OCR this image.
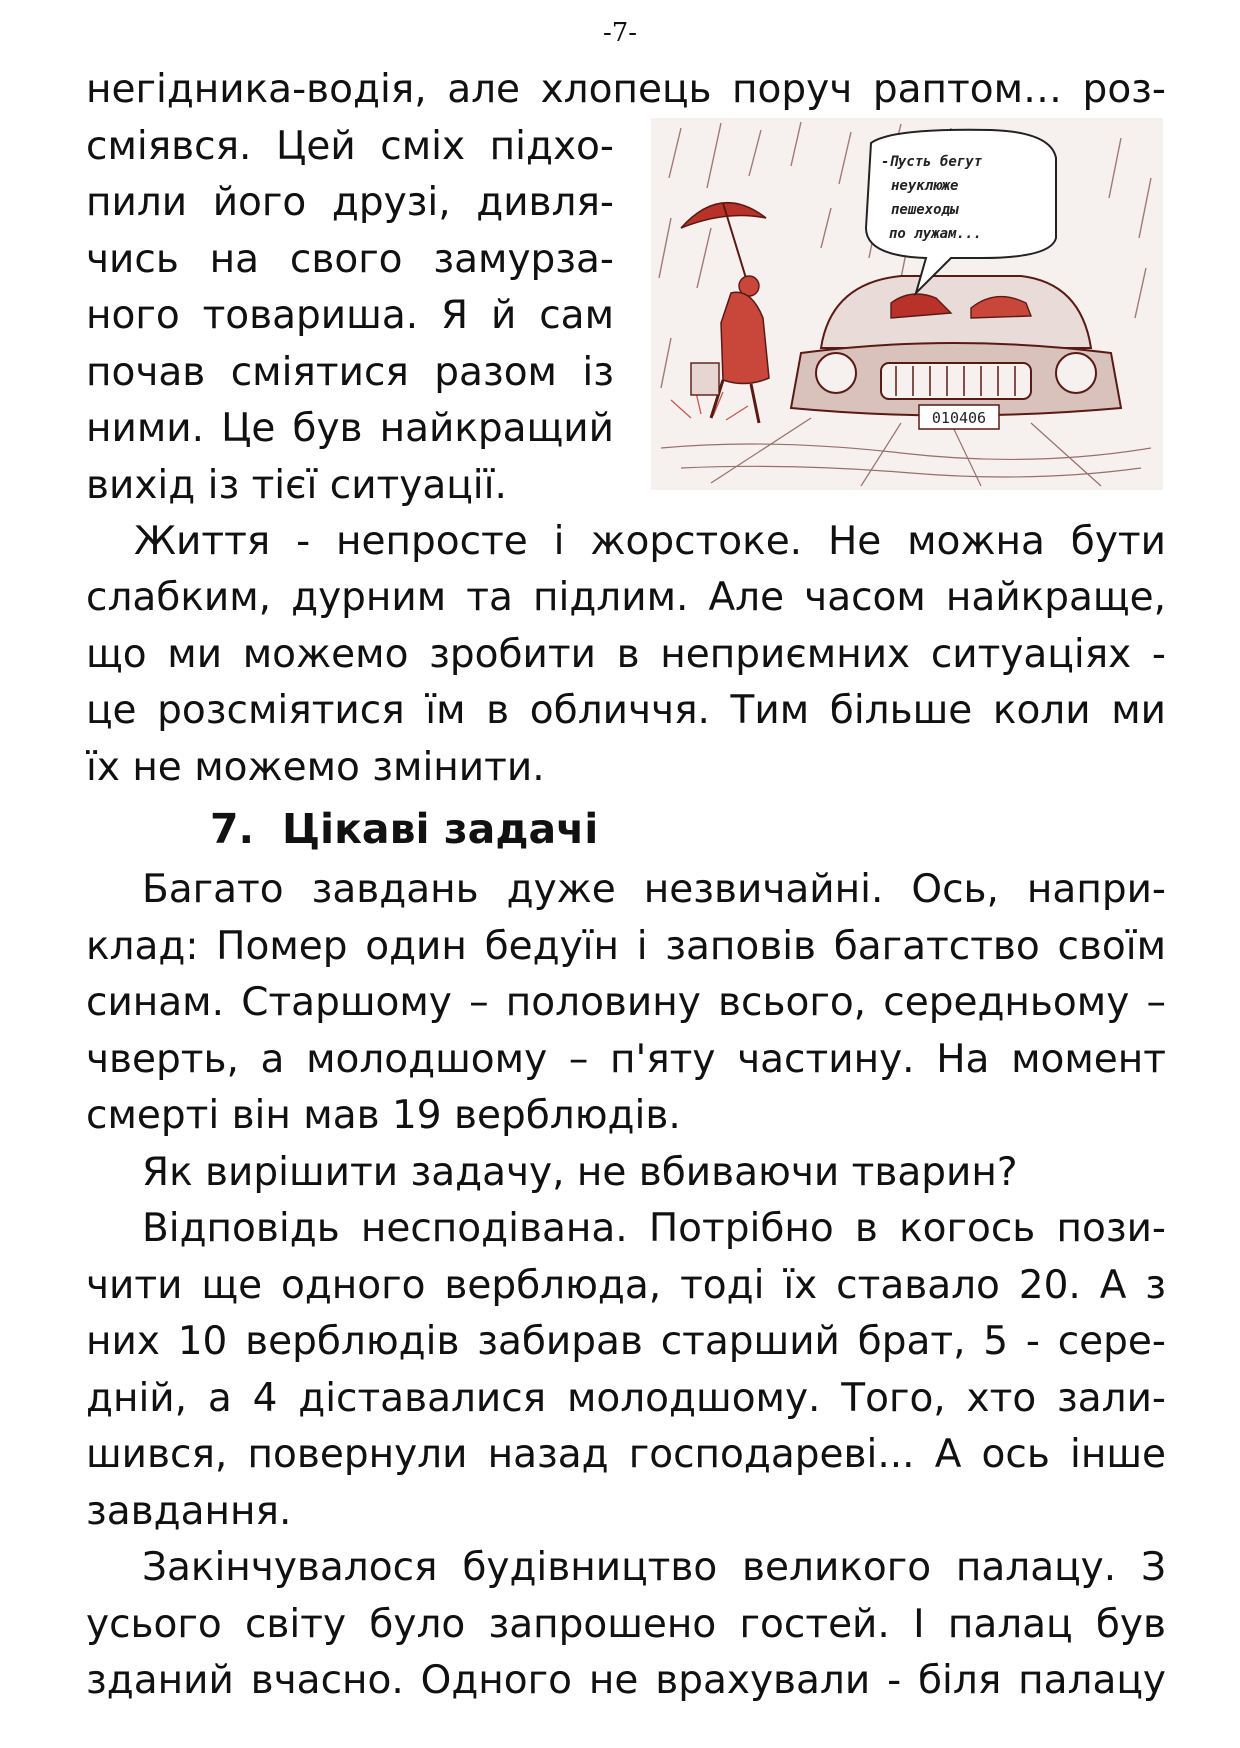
-7-
негідника-водія, але хлопець поруч раптом… роз-
сміявся. Цей сміх підхо-
пили його друзі, дивля-
чись на свого замурза-
ного товариша. Я й сам
почав сміятися разом із
ними. Це був найкращий
вихід із тієї ситуації.
Життя - непросте і жорстоке. Не можна бути
слабким, дурним та підлим. Але часом найкраще,
що ми можемо зробити в неприємних ситуаціях -
це розсміятися їм в обличчя. Тим більше коли ми
їх не можемо змінити.
7. Цікаві задачі
Багато завдань дуже незвичайні. Ось, напри-
клад: Помер один бедуїн і заповів багатство своїм
синам. Старшому – половину всього, середньому –
чверть, а молодшому – п'яту частину. На момент
смерті він мав 19 верблюдів.
Як вирішити задачу, не вбиваючи тварин?
Відповідь несподівана. Потрібно в когось пози-
чити ще одного верблюда, тоді їх ставало 20. А з
них 10 верблюдів забирав старший брат, 5 - сере-
дній, а 4 діставалися молодшому. Того, хто зали-
шився, повернули назад господареві... А ось інше
завдання.
Закінчувалося будівництво великого палацу. З
усього світу було запрошено гостей. І палац був
зданий вчасно. Одного не врахували - біля палацу
010406
-Пусть бегут
неуклюже
пешеходы
по лужам...
